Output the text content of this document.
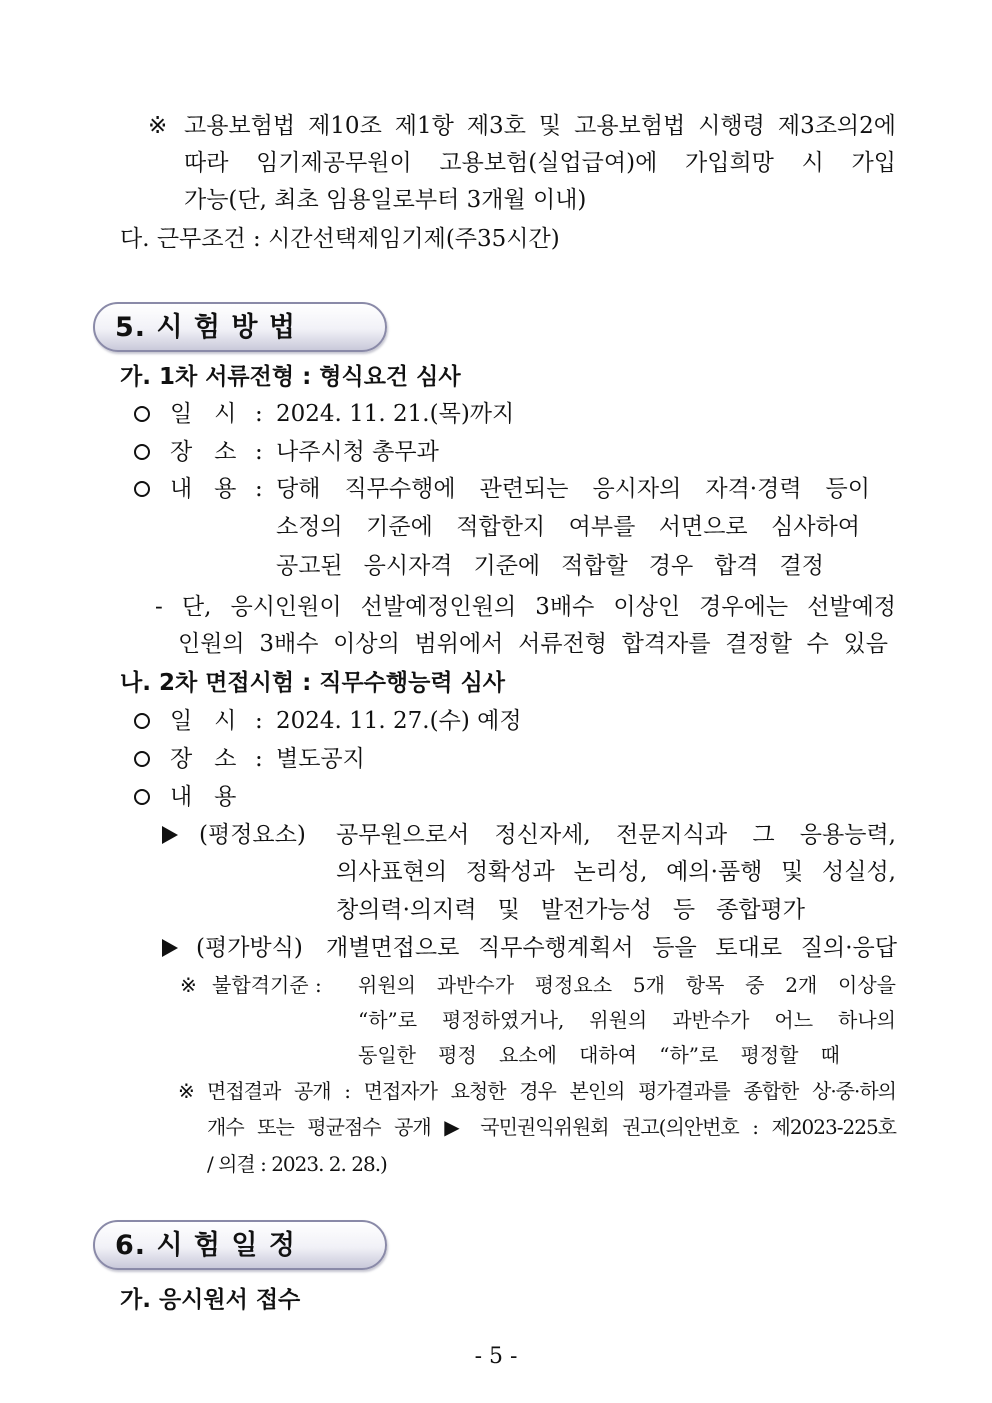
※ 고용보험법 제10조 제1항 제3호 및 고용보험법 시행령 제3조의2에
따라 임기제공무원이 고용보험(실업급여)에 가입희망 시 가입
가능(단, 최초 임용일로부터 3개월 이내)
다. 근무조건 : 시간선택제임기제(주35시간)
5. 시 험 방 법
가. 1차 서류전형 : 형식요건 심사
일   시 : 2024. 11. 21.(목)까지
장   소 : 나주시청 총무과
내   용 : 당해 직무수행에 관련되는 응시자의 자격·경력 등이
소정의 기준에 적합한지 여부를 서면으로 심사하여
공고된 응시자격 기준에 적합할 경우 합격 결정
- 단, 응시인원이 선발예정인원의 3배수 이상인 경우에는 선발예정
인원의 3배수 이상의 범위에서 서류전형 합격자를 결정할 수 있음
나. 2차 면접시험 : 직무수행능력 심사
일   시 : 2024. 11. 27.(수) 예정
장   소 : 별도공지
내   용
(평정요소) 공무원으로서 정신자세, 전문지식과 그 응용능력,
의사표현의 정확성과 논리성, 예의·품행 및 성실성,
창의력·의지력 및 발전가능성 등 종합평가
(평가방식) 개별면접으로 직무수행계획서 등을 토대로 질의·응답
※ 불합격기준 : 위원의 과반수가 평정요소 5개 항목 중 2개 이상을
“하”로 평정하였거나, 위원의 과반수가 어느 하나의
동일한 평정 요소에 대하여 “하”로 평정할 때
※ 면접결과 공개 : 면접자가 요청한 경우 본인의 평가결과를 종합한 상·중·하의
개수 또는 평균점수 공개 ▶ 국민권익위원회 권고(의안번호 : 제2023-225호
/ 의결 : 2023. 2. 28.)
6. 시 험 일 정
가. 응시원서 접수
- 5 -
